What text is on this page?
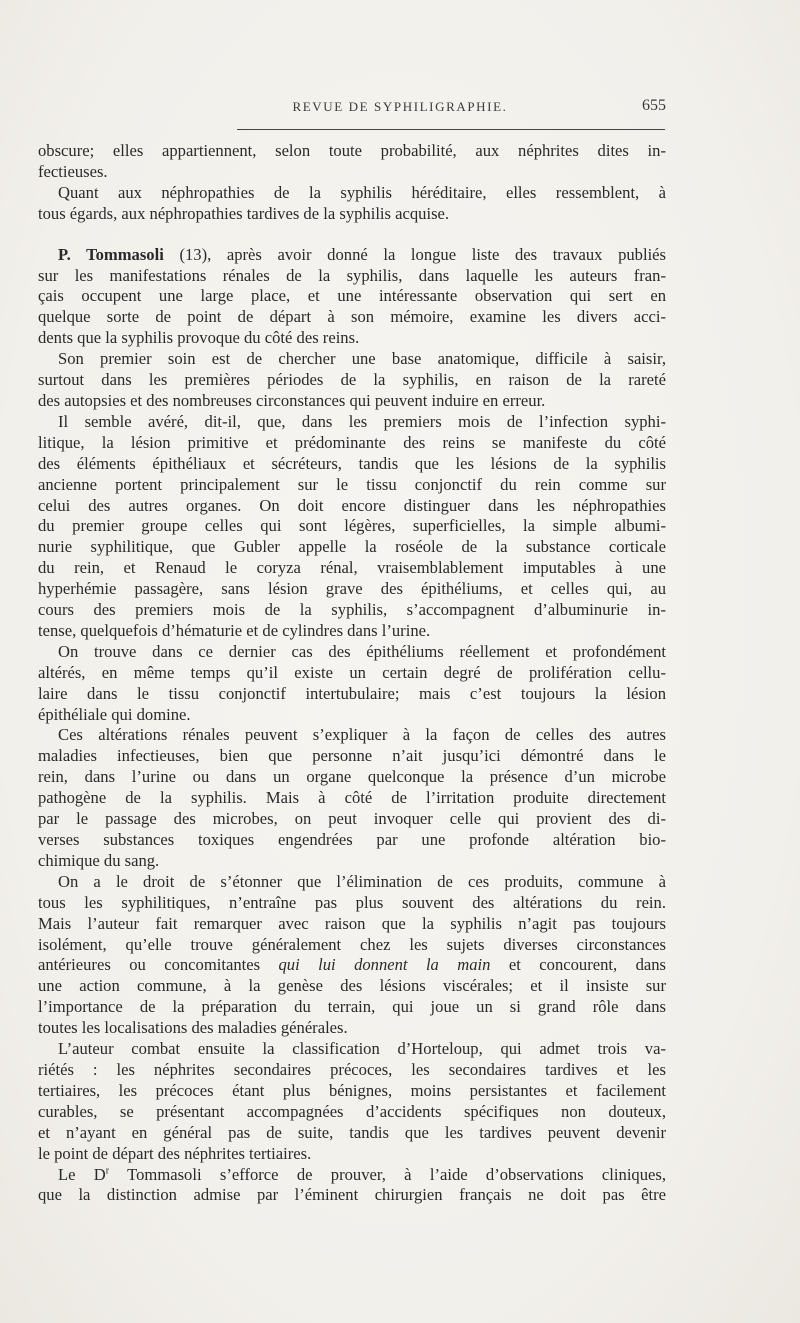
REVUE DE SYPHILIGRAPHIE.	655
obscure; elles appartiennent, selon toute probabilité, aux néphrites dites in-
fectieuses.
Quant aux néphropathies de la syphilis héréditaire, elles ressemblent, à
tous égards, aux néphropathies tardives de la syphilis acquise.
P. Tommasoli (13), après avoir donné la longue liste des travaux publiés
sur les manifestations rénales de la syphilis, dans laquelle les auteurs fran-
çais occupent une large place, et une intéressante observation qui sert en
quelque sorte de point de départ à son mémoire, examine les divers acci-
dents que la syphilis provoque du côté des reins.
Son premier soin est de chercher une base anatomique, difficile à saisir,
surtout dans les premières périodes de la syphilis, en raison de la rareté
des autopsies et des nombreuses circonstances qui peuvent induire en erreur.
Il semble avéré, dit-il, que, dans les premiers mois de l’infection syphi-
litique, la lésion primitive et prédominante des reins se manifeste du côté
des éléments épithéliaux et sécréteurs, tandis que les lésions de la syphilis
ancienne portent principalement sur le tissu conjonctif du rein comme sur
celui des autres organes. On doit encore distinguer dans les néphropathies
du premier groupe celles qui sont légères, superficielles, la simple albumi-
nurie syphilitique, que Gubler appelle la roséole de la substance corticale
du rein, et Renaud le coryza rénal, vraisemblablement imputables à une
hyperhémie passagère, sans lésion grave des épithéliums, et celles qui, au
cours des premiers mois de la syphilis, s’accompagnent d’albuminurie in-
tense, quelquefois d’hématurie et de cylindres dans l’urine.
On trouve dans ce dernier cas des épithéliums réellement et profondément
altérés, en même temps qu’il existe un certain degré de prolifération cellu-
laire dans le tissu conjonctif intertubulaire; mais c’est toujours la lésion
épithéliale qui domine.
Ces altérations rénales peuvent s’expliquer à la façon de celles des autres
maladies infectieuses, bien que personne n’ait jusqu’ici démontré dans le
rein, dans l’urine ou dans un organe quelconque la présence d’un microbe
pathogène de la syphilis. Mais à côté de l’irritation produite directement
par le passage des microbes, on peut invoquer celle qui provient des di-
verses substances toxiques engendrées par une profonde altération bio-
chimique du sang.
On a le droit de s’étonner que l’élimination de ces produits, commune à
tous les syphilitiques, n’entraîne pas plus souvent des altérations du rein.
Mais l’auteur fait remarquer avec raison que la syphilis n’agit pas toujours
isolément, qu’elle trouve généralement chez les sujets diverses circonstances
antérieures ou concomitantes qui lui donnent la main et concourent, dans
une action commune, à la genèse des lésions viscérales; et il insiste sur
l’importance de la préparation du terrain, qui joue un si grand rôle dans
toutes les localisations des maladies générales.
L’auteur combat ensuite la classification d’Horteloup, qui admet trois va-
riétés : les néphrites secondaires précoces, les secondaires tardives et les
tertiaires, les précoces étant plus bénignes, moins persistantes et facilement
curables, se présentant accompagnées d’accidents spécifiques non douteux,
et n’ayant en général pas de suite, tandis que les tardives peuvent devenir
le point de départ des néphrites tertiaires.
Le $D^r$ Tommasoli s’efforce de prouver, à l’aide d’observations cliniques,
que la distinction admise par l’éminent chirurgien français ne doit pas être
